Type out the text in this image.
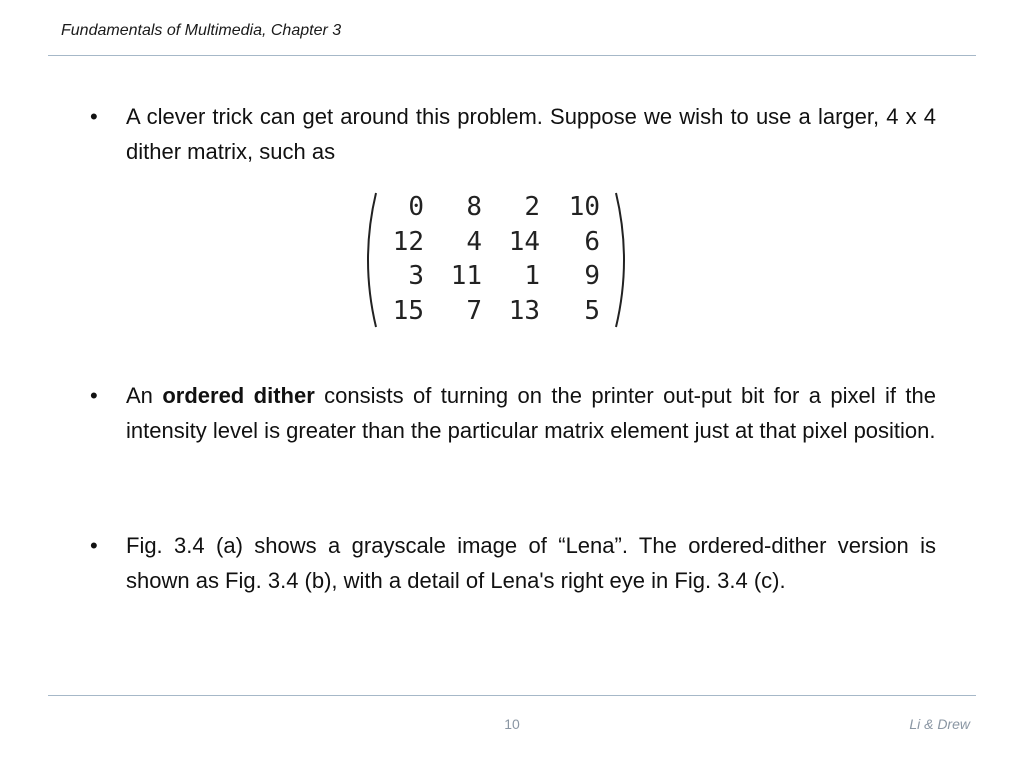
Fundamentals of Multimedia, Chapter 3
• A clever trick can get around this problem. Suppose we wish to use a larger, 4 x 4 dither matrix, such as
0	8	2	10
12	4	14	6
3	11	1	9
15	7	13	5
• An ordered dither consists of turning on the printer out-put bit for a pixel if the intensity level is greater than the particular matrix element just at that pixel position.
• Fig. 3.4 (a) shows a grayscale image of “Lena”. The ordered-dither version is shown as Fig. 3.4 (b), with a detail of Lena's right eye in Fig. 3.4 (c).
10	Li & Drew
